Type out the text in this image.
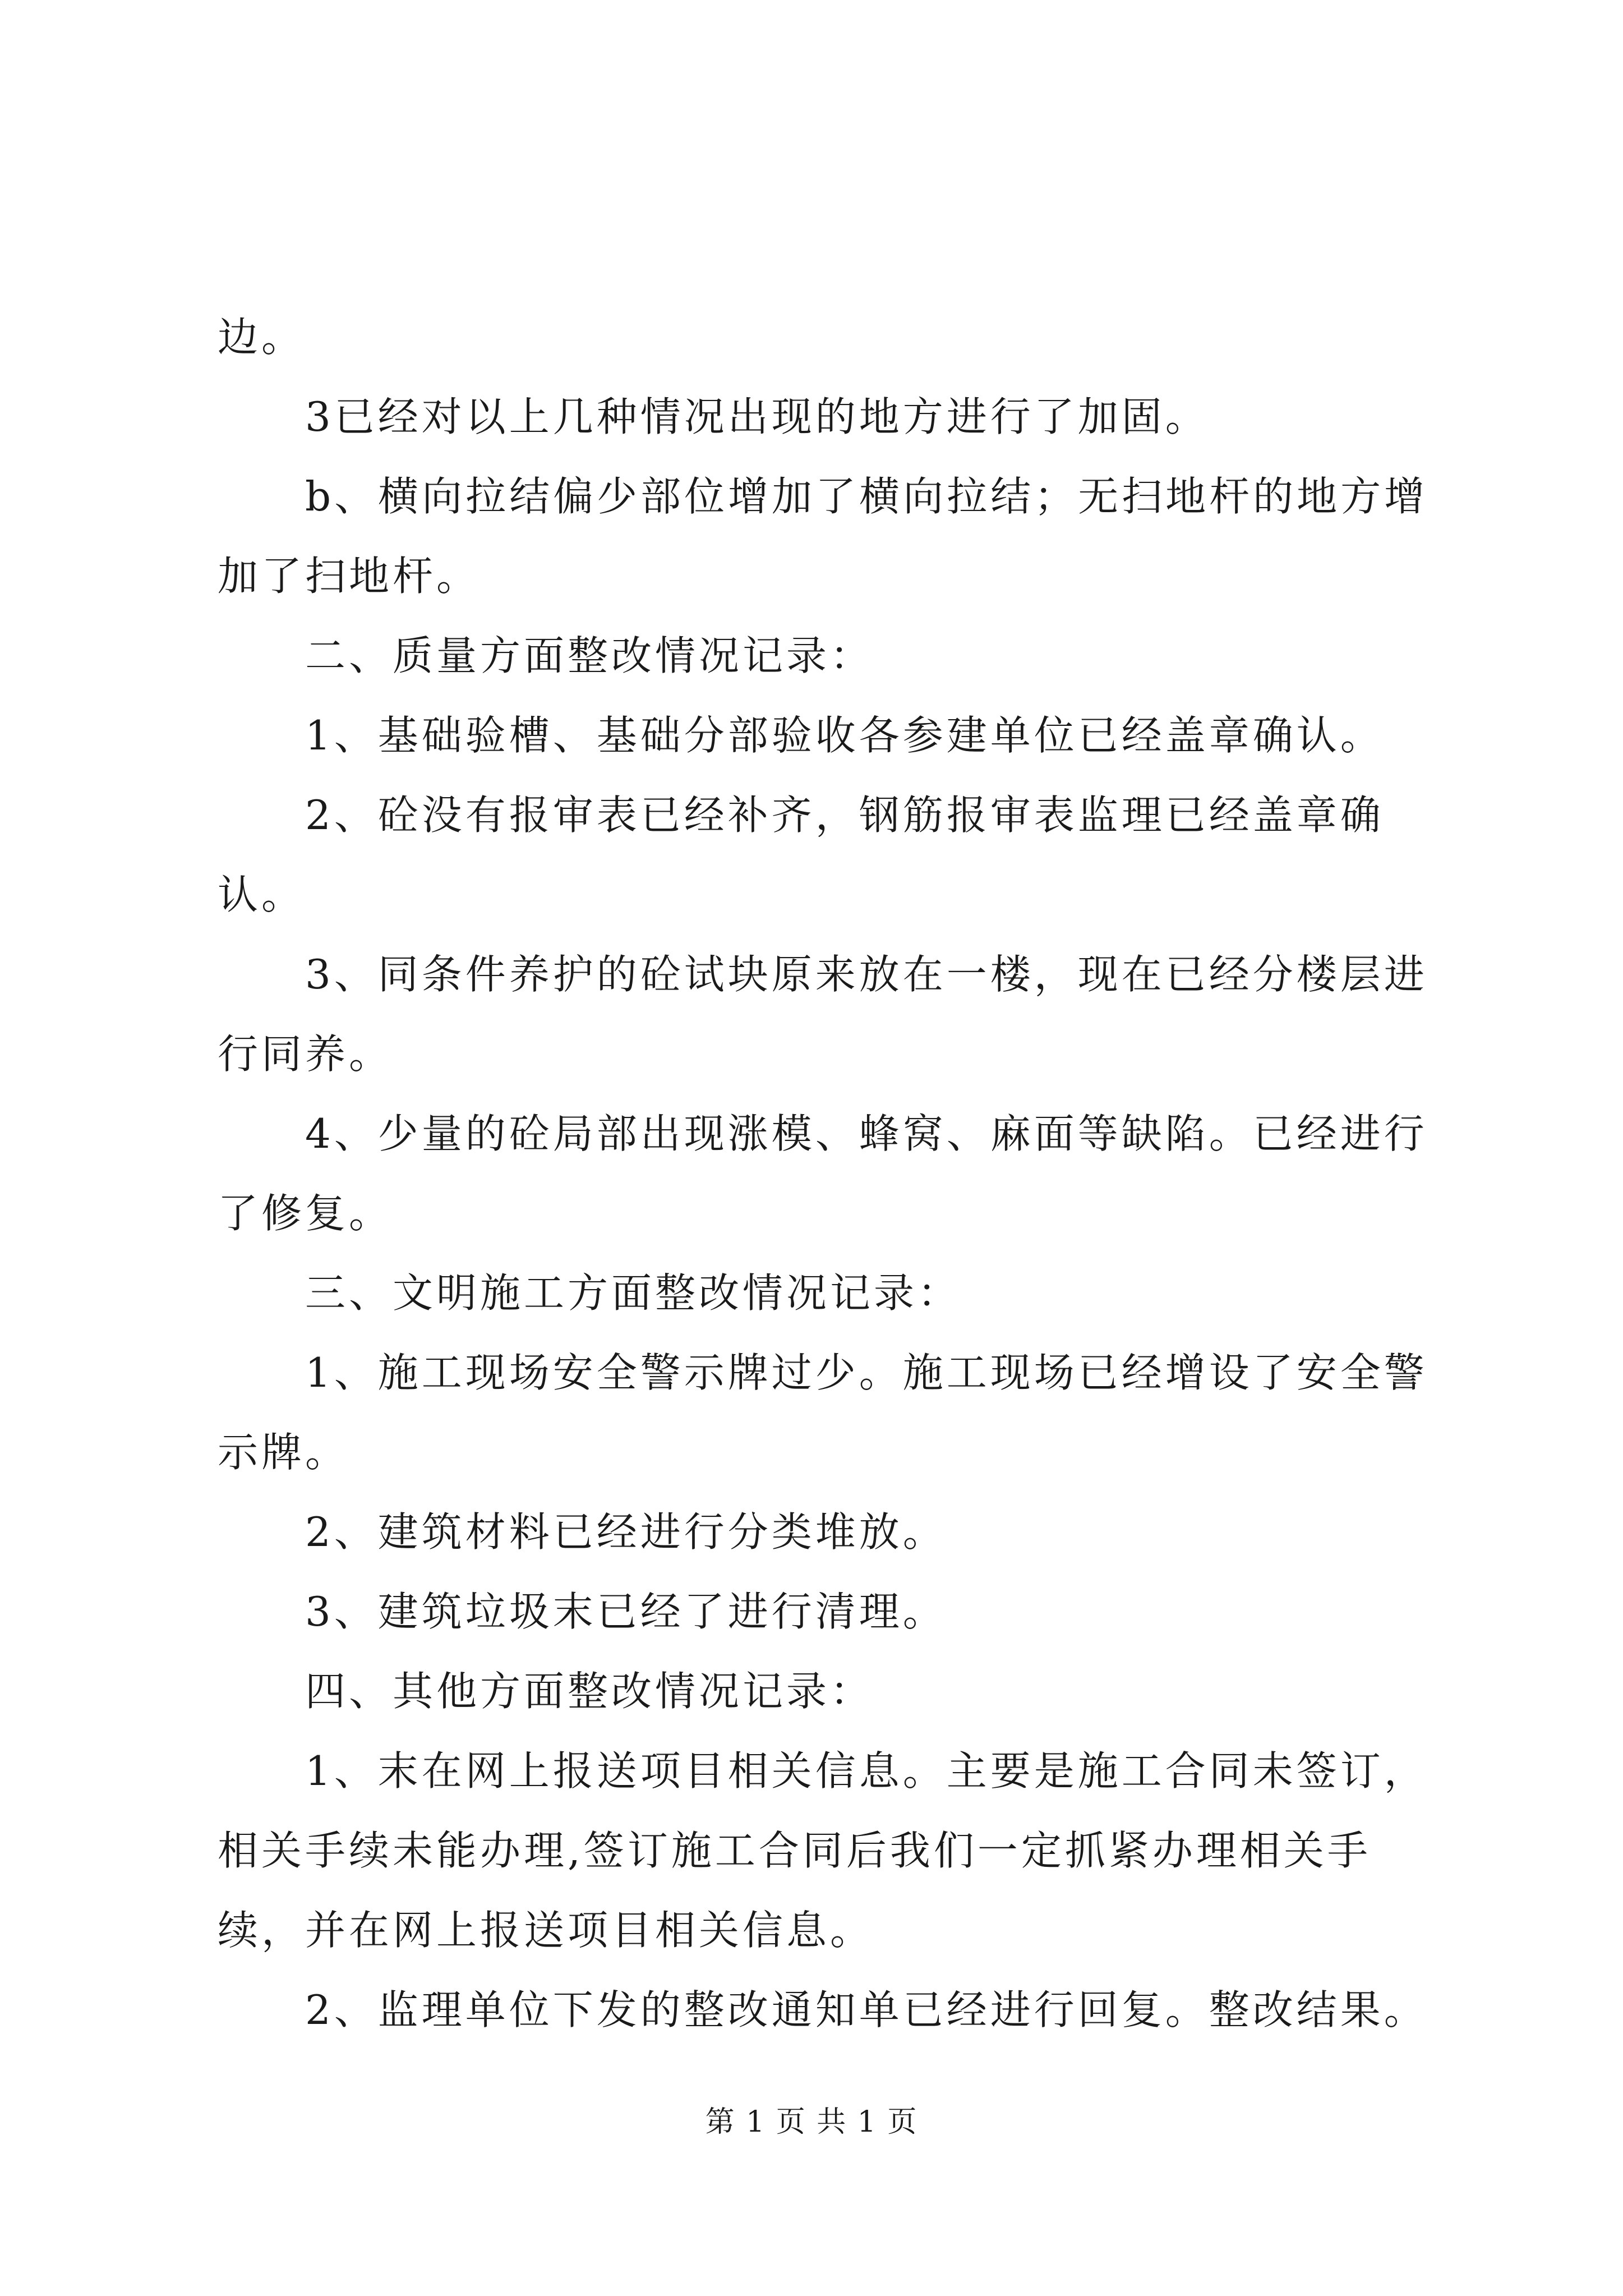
边。

3已经对以上几种情况出现的地方进行了加固。

b、横向拉结偏少部位增加了横向拉结；无扫地杆的地方增加了扫地杆。

二、质量方面整改情况记录：

1、基础验槽、基础分部验收各参建单位已经盖章确认。

2、砼没有报审表已经补齐，钢筋报审表监理已经盖章确认。

3、同条件养护的砼试块原来放在一楼，现在已经分楼层进行同养。

4、少量的砼局部出现涨模、蜂窝、麻面等缺陷。已经进行了修复。

三、文明施工方面整改情况记录：

1、施工现场安全警示牌过少。施工现场已经增设了安全警示牌。

2、建筑材料已经进行分类堆放。

3、建筑垃圾末已经了进行清理。

四、其他方面整改情况记录：

1、末在网上报送项目相关信息。主要是施工合同未签订，相关手续未能办理,签订施工合同后我们一定抓紧办理相关手续，并在网上报送项目相关信息。

2、监理单位下发的整改通知单已经进行回复。整改结果。

第 1 页 共 1 页
